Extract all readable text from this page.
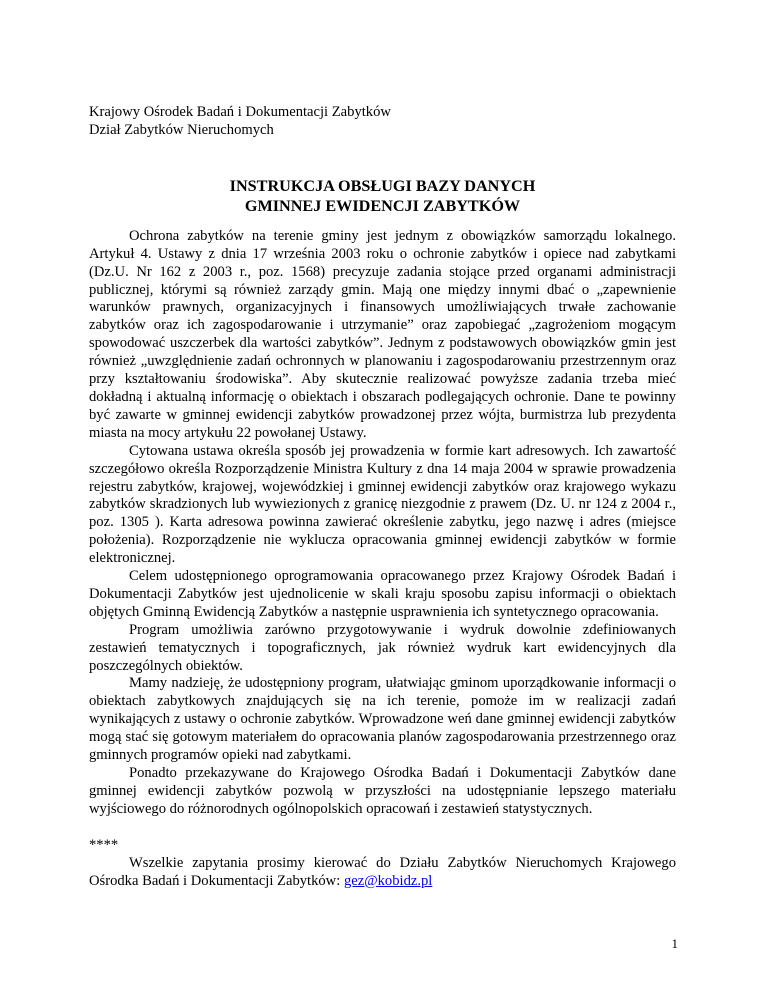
Krajowy Ośrodek Badań i Dokumentacji Zabytków
Dział Zabytków Nieruchomych
INSTRUKCJA OBSŁUGI BAZY DANYCH
GMINNEJ EWIDENCJI ZABYTKÓW

Ochrona zabytków na terenie gminy jest jednym z obowiązków samorządu lokalnego. Artykuł 4. Ustawy z dnia 17 września 2003 roku o ochronie zabytków i opiece nad zabytkami (Dz.U. Nr 162 z 2003 r., poz. 1568) precyzuje zadania stojące przed organami administracji publicznej, którymi są również zarządy gmin. Mają one między innymi dbać o „zapewnienie warunków prawnych, organizacyjnych i finansowych umożliwiających trwałe zachowanie zabytków oraz ich zagospodarowanie i utrzymanie” oraz zapobiegać „zagrożeniom mogącym spowodować uszczerbek dla wartości zabytków”. Jednym z podstawowych obowiązków gmin jest również „uwzględnienie zadań ochronnych w planowaniu i zagospodarowaniu przestrzennym oraz przy kształtowaniu środowiska”. Aby skutecznie realizować powyższe zadania trzeba mieć dokładną i aktualną informację o obiektach i obszarach podlegających ochronie. Dane te powinny być zawarte w gminnej ewidencji zabytków prowadzonej przez wójta, burmistrza lub prezydenta miasta na mocy artykułu 22 powołanej Ustawy.

Cytowana ustawa określa sposób jej prowadzenia w formie kart adresowych. Ich zawartość szczegółowo określa Rozporządzenie Ministra Kultury z dna 14 maja 2004 w sprawie prowadzenia rejestru zabytków, krajowej, wojewódzkiej i gminnej ewidencji zabytków oraz krajowego wykazu zabytków skradzionych lub wywiezionych z granicę niezgodnie z prawem (Dz. U. nr 124 z 2004 r., poz. 1305 ). Karta adresowa powinna zawierać określenie zabytku, jego nazwę i adres (miejsce położenia). Rozporządzenie nie wyklucza opracowania gminnej ewidencji zabytków w formie elektronicznej.

Celem udostępnionego oprogramowania opracowanego przez Krajowy Ośrodek Badań i Dokumentacji Zabytków jest ujednolicenie w skali kraju sposobu zapisu informacji o obiektach objętych Gminną Ewidencją Zabytków a następnie usprawnienia ich syntetycznego opracowania.

Program umożliwia zarówno przygotowywanie i wydruk dowolnie zdefiniowanych zestawień tematycznych i topograficznych, jak również wydruk kart ewidencyjnych dla poszczególnych obiektów.

Mamy nadzieję, że udostępniony program, ułatwiając gminom uporządkowanie informacji o obiektach zabytkowych znajdujących się na ich terenie, pomoże im w realizacji zadań wynikających z ustawy o ochronie zabytków. Wprowadzone weń dane gminnej ewidencji zabytków mogą stać się gotowym materiałem do opracowania planów zagospodarowania przestrzennego oraz gminnych programów opieki nad zabytkami.

Ponadto przekazywane do Krajowego Ośrodka Badań i Dokumentacji Zabytków dane gminnej ewidencji zabytków pozwolą w przyszłości na udostępnianie lepszego materiału wyjściowego do różnorodnych ogólnopolskich opracowań i zestawień statystycznych.

****

Wszelkie zapytania prosimy kierować do Działu Zabytków Nieruchomych Krajowego Ośrodka Badań i Dokumentacji Zabytków: gez@kobidz.pl

1
